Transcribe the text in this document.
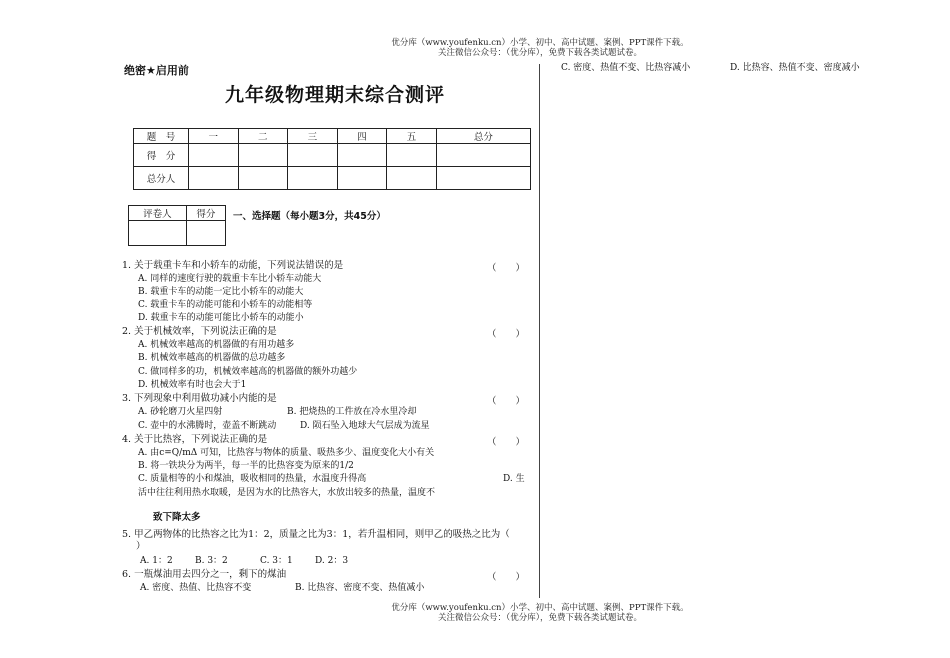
优分库（www.youfenku.cn）小学、初中、高中试题、案例、PPT课件下载。
关注微信公众号：（优分库），免费下载各类试题试卷。
绝密★启用前
九年级物理期末综合测评
题　号	一	二	三	四	五	总分
得　分						
总分人						
评卷人	得分
	一、选择题（每小题3分，共45分）
1. 关于载重卡车和小轿车的动能，下列说法错误的是	（　　）
A. 同样的速度行驶的载重卡车比小轿车动能大
B. 载重卡车的动能一定比小轿车的动能大
C. 载重卡车的动能可能和小轿车的动能相等
D. 载重卡车的动能可能比小轿车的动能小
2. 关于机械效率，下列说法正确的是	（　　）
A. 机械效率越高的机器做的有用功越多
B. 机械效率越高的机器做的总功越多
C. 做同样多的功，机械效率越高的机器做的额外功越少
D. 机械效率有时也会大于1
3. 下列现象中利用做功减小内能的是	（　　）
A. 砂轮磨刀火星四射	B. 把烧热的工件放在冷水里冷却
C. 壶中的水沸腾时，壶盖不断跳动	D. 陨石坠入地球大气层成为流星
4. 关于比热容，下列说法正确的是	（　　）
A. 由c=Q/mΔ 可知，比热容与物体的质量、吸热多少、温度变化大小有关
B. 将一铁块分为两半，每一半的比热容变为原来的1/2
C. 质量相等的小和煤油，吸收相同的热量，水温度升得高	D. 生
活中往往利用热水取暖，是因为水的比热容大，水放出较多的热量，温度不
致下降太多
5. 甲乙两物体的比热容之比为1：2，质量之比为3：1，若升温相同，则甲乙的吸热之比为（
）
A. 1：2 B. 3：2	C. 3：1 D. 2：3
6. 一瓶煤油用去四分之一，剩下的煤油	（　　）
A. 密度、热值、比热容不变	B. 比热容、密度不变、热值减小
C. 密度、热值不变、比热容减小	D. 比热容、热值不变、密度减小
优分库（www.youfenku.cn）小学、初中、高中试题、案例、PPT课件下载。
关注微信公众号：（优分库），免费下载各类试题试卷。
